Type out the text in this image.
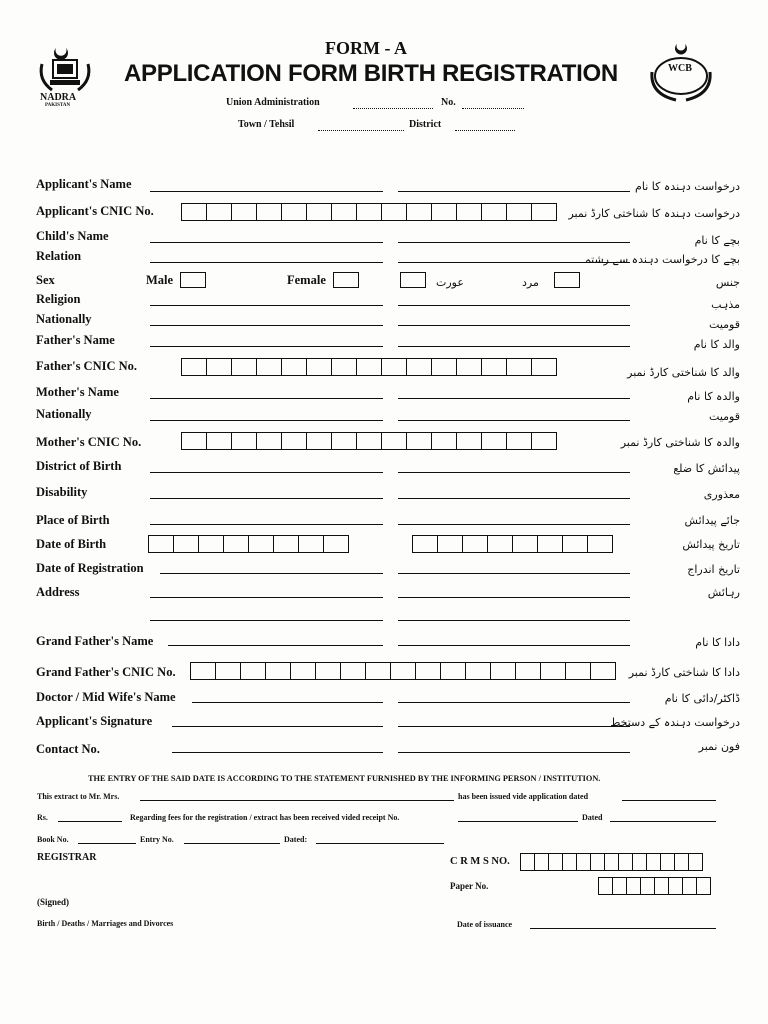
NADRA
PAKISTAN
WCB
FORM - A
APPLICATION FORM BIRTH REGISTRATION
Union Administration	No.
Town / Tehsil	District
Applicant's Name	درخواست دہندہ کا نام
Applicant's CNIC No.	درخواست دہندہ کا شناختی کارڈ نمبر
Child's Name	بچے کا نام
Relation	بچے کا درخواست دہندہ سے رشتہ
Sex	Male	Female	عورت	مرد	جنس
Religion	مذہب
Nationally	قومیت
Father's Name	والد کا نام
Father's CNIC No.	والد کا شناختی کارڈ نمبر
Mother's Name	والدہ کا نام
Nationally	قومیت
Mother's CNIC No.	والدہ کا شناختی کارڈ نمبر
District of Birth	پیدائش کا ضلع
Disability	معذوری
Place of Birth	جائے پیدائش
Date of Birth	تاریخ پیدائش
Date of Registration	تاریخ اندراج
Address	رہائش
Grand Father's Name	دادا کا نام
Grand Father's CNIC No.	دادا کا شناختی کارڈ نمبر
Doctor / Mid Wife's Name	ڈاکٹر/دائی کا نام
Applicant's Signature	درخواست دہندہ کے دستخط
Contact No.	فون نمبر
THE ENTRY OF THE SAID DATE IS ACCORDING TO THE STATEMENT FURNISHED BY THE INFORMING PERSON / INSTITUTION.
This extract to Mr. Mrs.	has been issued vide application dated
Rs.	Regarding fees for the registration / extract has been received vided receipt No.	Dated
Book No.	Entry No.	Dated:
REGISTRAR	C R M S NO.
Paper No.
(Signed)
Birth / Deaths / Marriages and Divorces	Date of issuance
